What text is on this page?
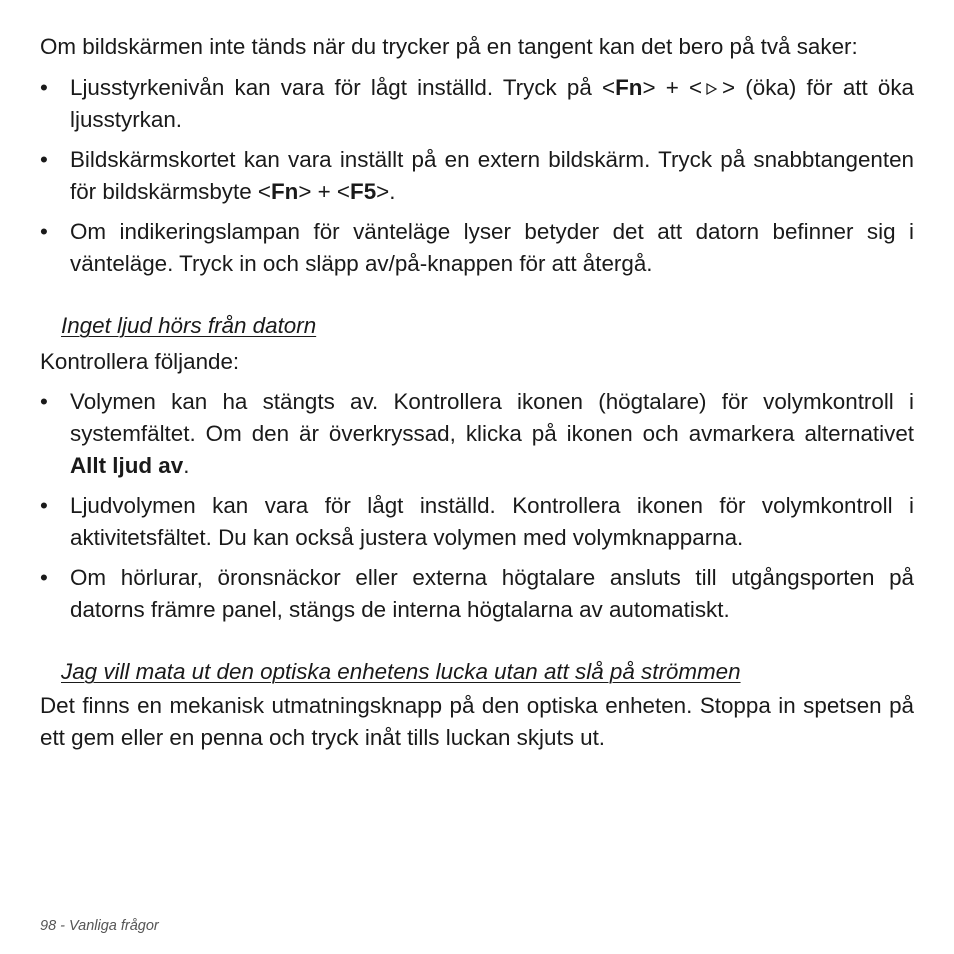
Om bildskärmen inte tänds när du trycker på en tangent kan det bero på två saker:

• Ljusstyrkenivån kan vara för lågt inställd. Tryck på <Fn> + < > (öka) för att öka ljusstyrkan.
• Bildskärmskortet kan vara inställt på en extern bildskärm. Tryck på snabbtangenten för bildskärmsbyte <Fn> + <F5>.
• Om indikeringslampan för vänteläge lyser betyder det att datorn befinner sig i vänteläge. Tryck in och släpp av/på-knappen för att återgå.

Inget ljud hörs från datorn

Kontrollera följande:

• Volymen kan ha stängts av. Kontrollera ikonen (högtalare) för volymkontroll i systemfältet. Om den är överkryssad, klicka på ikonen och avmarkera alternativet Allt ljud av.
• Ljudvolymen kan vara för lågt inställd. Kontrollera ikonen för volymkontroll i aktivitetsfältet. Du kan också justera volymen med volymknapparna.
• Om hörlurar, öronsnäckor eller externa högtalare ansluts till utgångsporten på datorns främre panel, stängs de interna högtalarna av automatiskt.

Jag vill mata ut den optiska enhetens lucka utan att slå på strömmen

Det finns en mekanisk utmatningsknapp på den optiska enheten. Stoppa in spetsen på ett gem eller en penna och tryck inåt tills luckan skjuts ut.

98 - Vanliga frågor
